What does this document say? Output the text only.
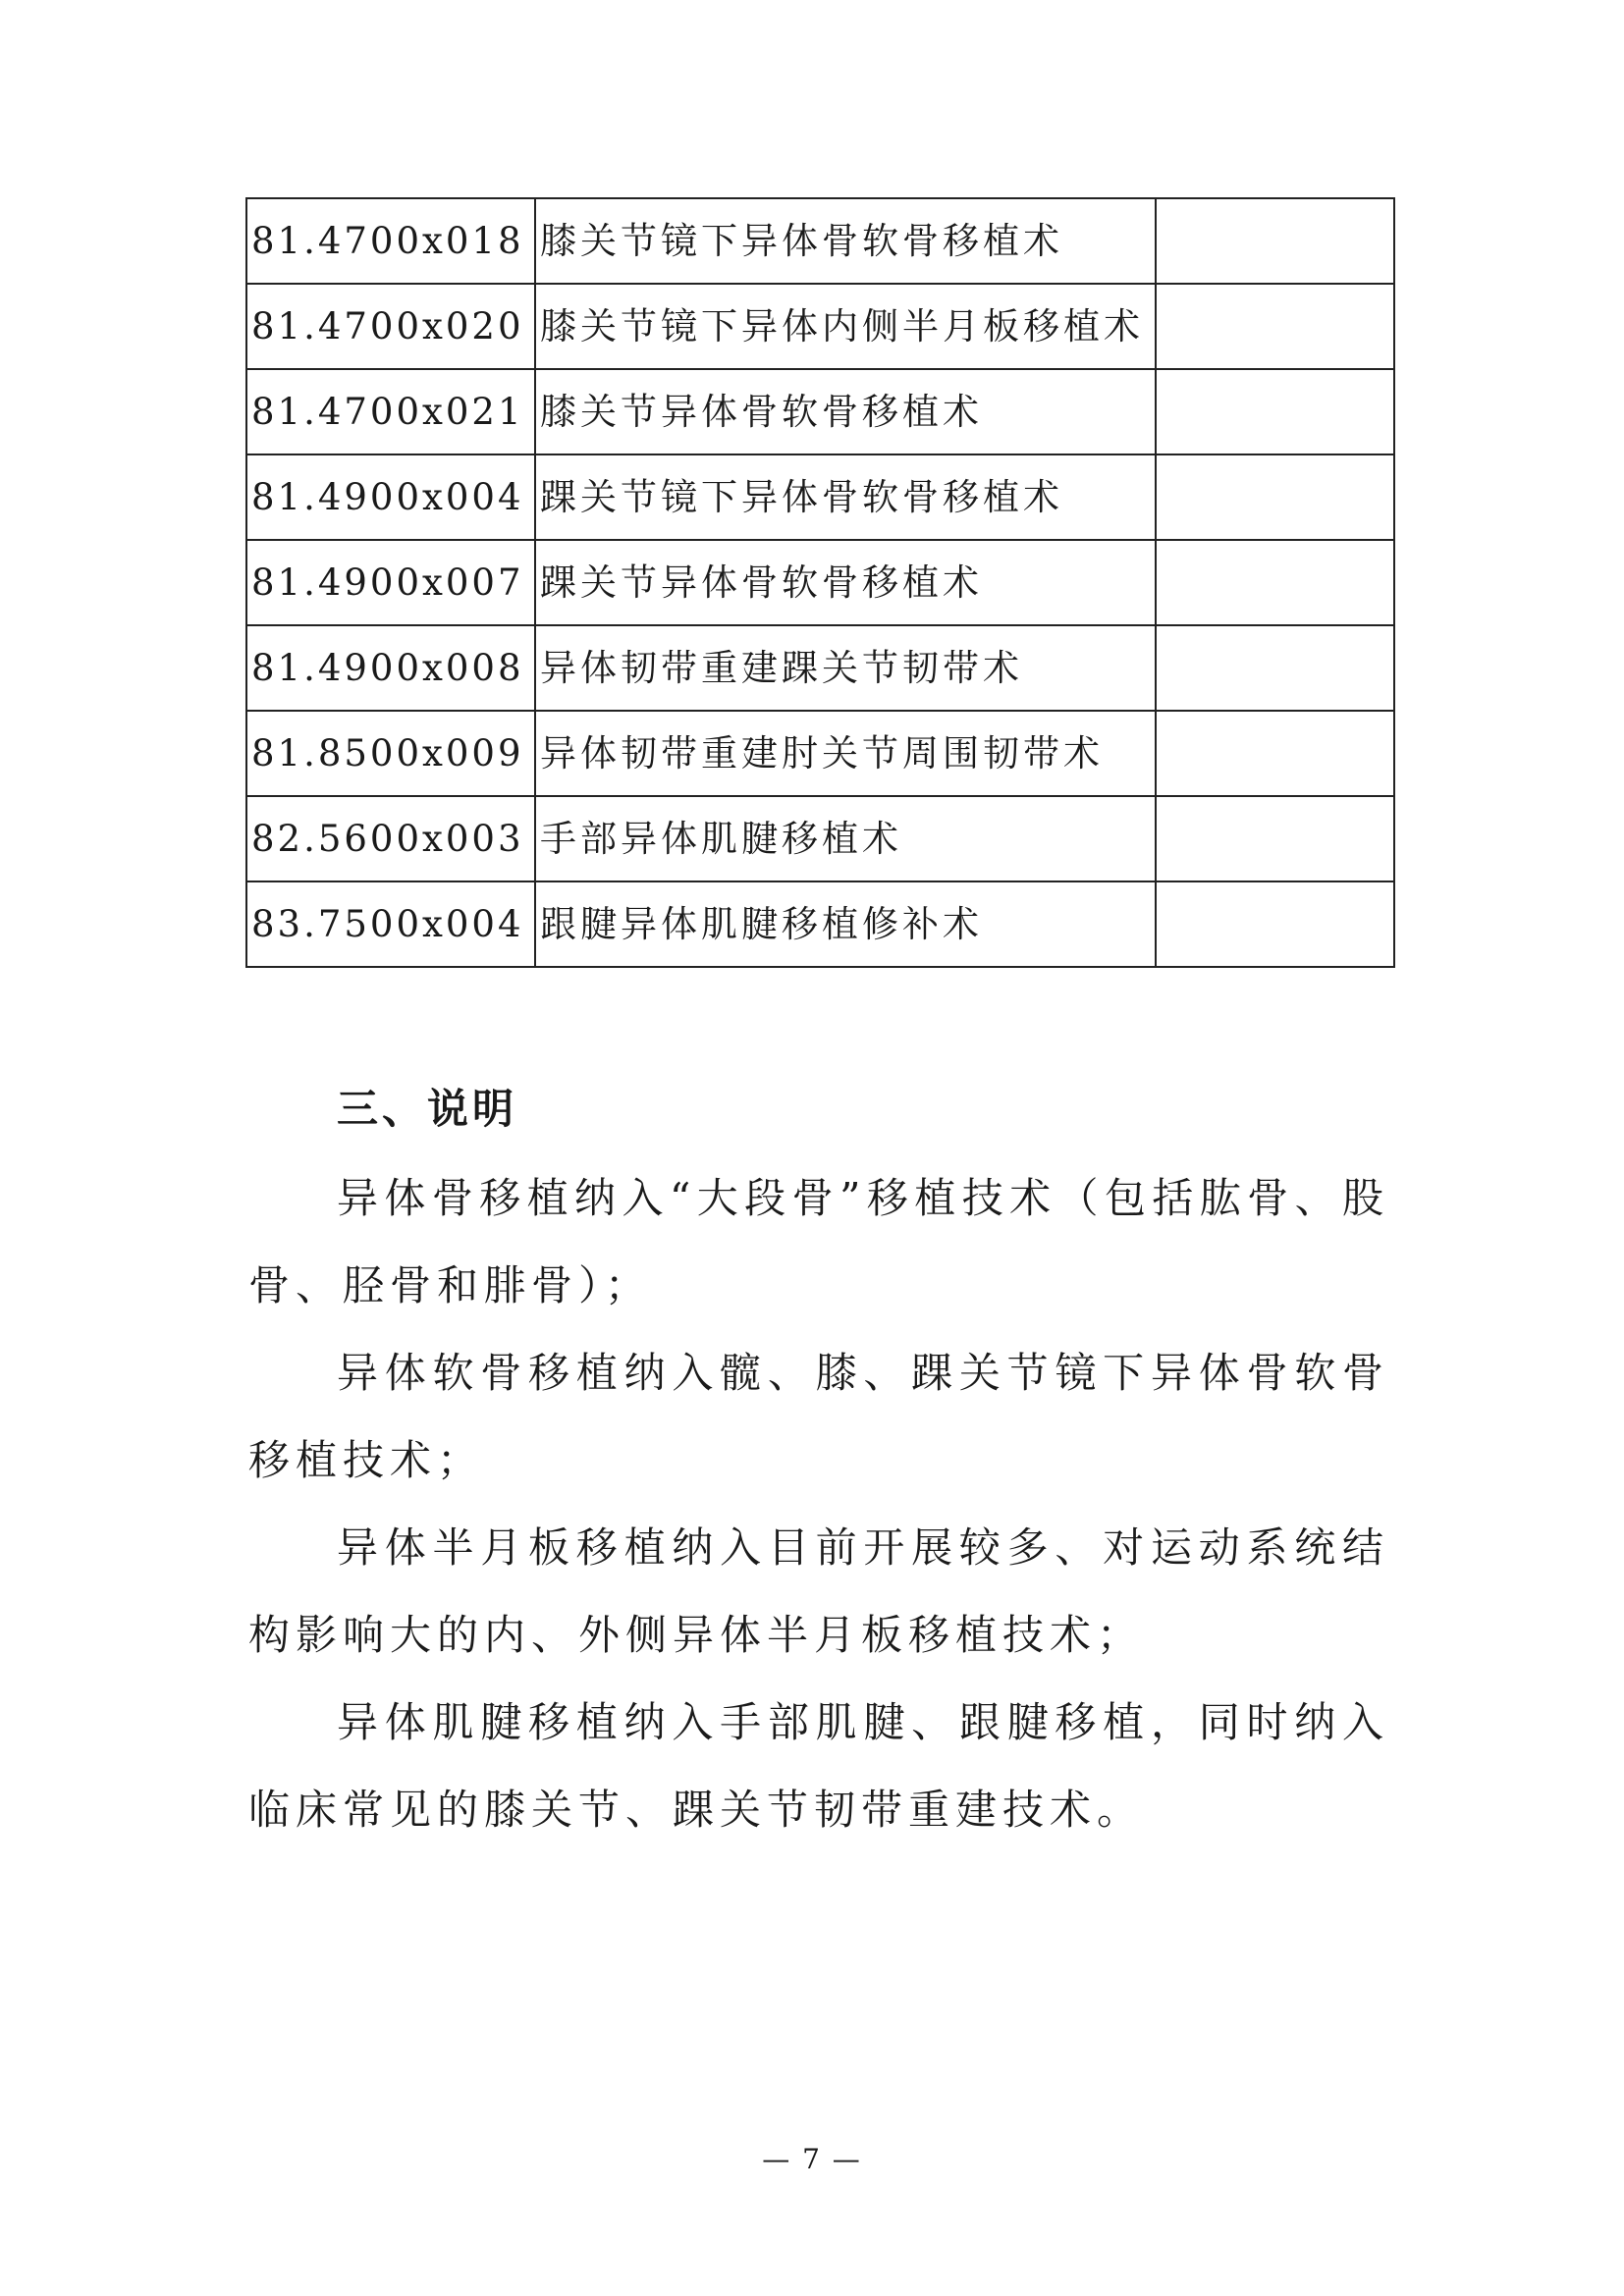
81.4700x018	膝关节镜下异体骨软骨移植术	
81.4700x020	膝关节镜下异体内侧半月板移植术	
81.4700x021	膝关节异体骨软骨移植术	
81.4900x004	踝关节镜下异体骨软骨移植术	
81.4900x007	踝关节异体骨软骨移植术	
81.4900x008	异体韧带重建踝关节韧带术	
81.8500x009	异体韧带重建肘关节周围韧带术	
82.5600x003	手部异体肌腱移植术	
83.7500x004	跟腱异体肌腱移植修补术	
三、说明

异体骨移植纳入“大段骨”移植技术（包括肱骨、股骨、胫骨和腓骨）；

异体软骨移植纳入髋、膝、踝关节镜下异体骨软骨移植技术；

异体半月板移植纳入目前开展较多、对运动系统结构影响大的内、外侧异体半月板移植技术；

异体肌腱移植纳入手部肌腱、跟腱移植，同时纳入临床常见的膝关节、踝关节韧带重建技术。

— 7 —
